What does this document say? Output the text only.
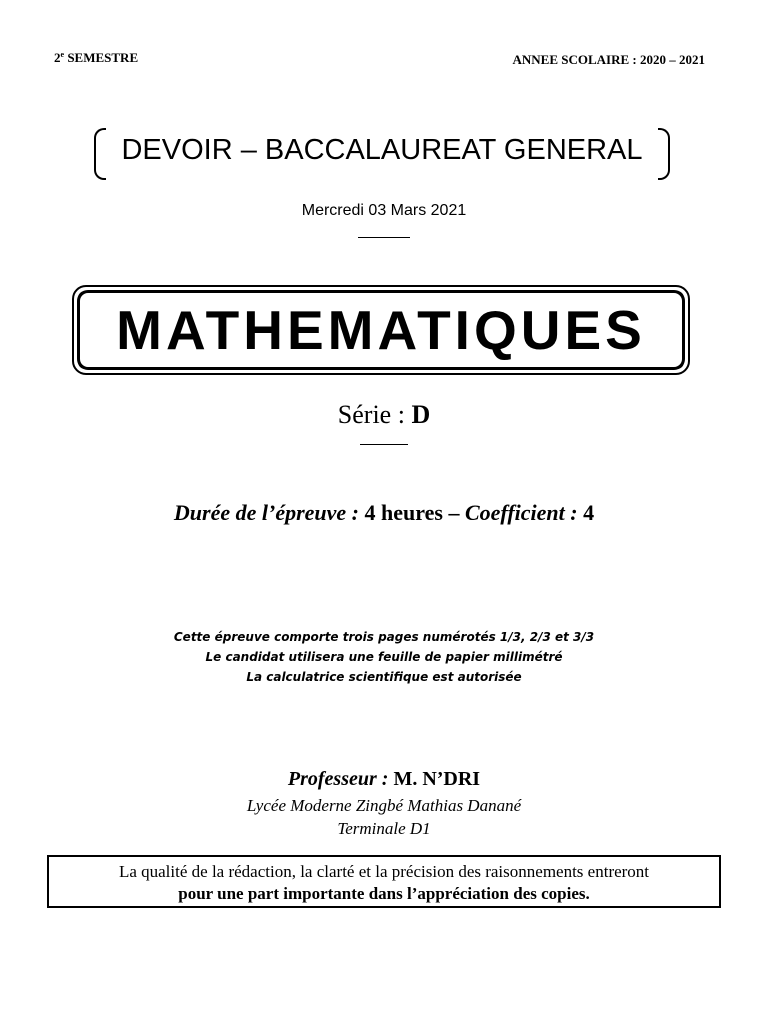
2e SEMESTRE	ANNEE SCOLAIRE : 2020 – 2021
DEVOIR – BACCALAUREAT GENERAL
Mercredi 03 Mars 2021
MATHEMATIQUES
Série : D
Durée de l’épreuve : 4 heures – Coefficient : 4
Cette épreuve comporte trois pages numérotés 1/3, 2/3 et 3/3
Le candidat utilisera une feuille de papier millimétré
La calculatrice scientifique est autorisée
Professeur : M. N’DRI
Lycée Moderne Zingbé Mathias Danané
Terminale D1
La qualité de la rédaction, la clarté et la précision des raisonnements entreront
pour une part importante dans l’appréciation des copies.
